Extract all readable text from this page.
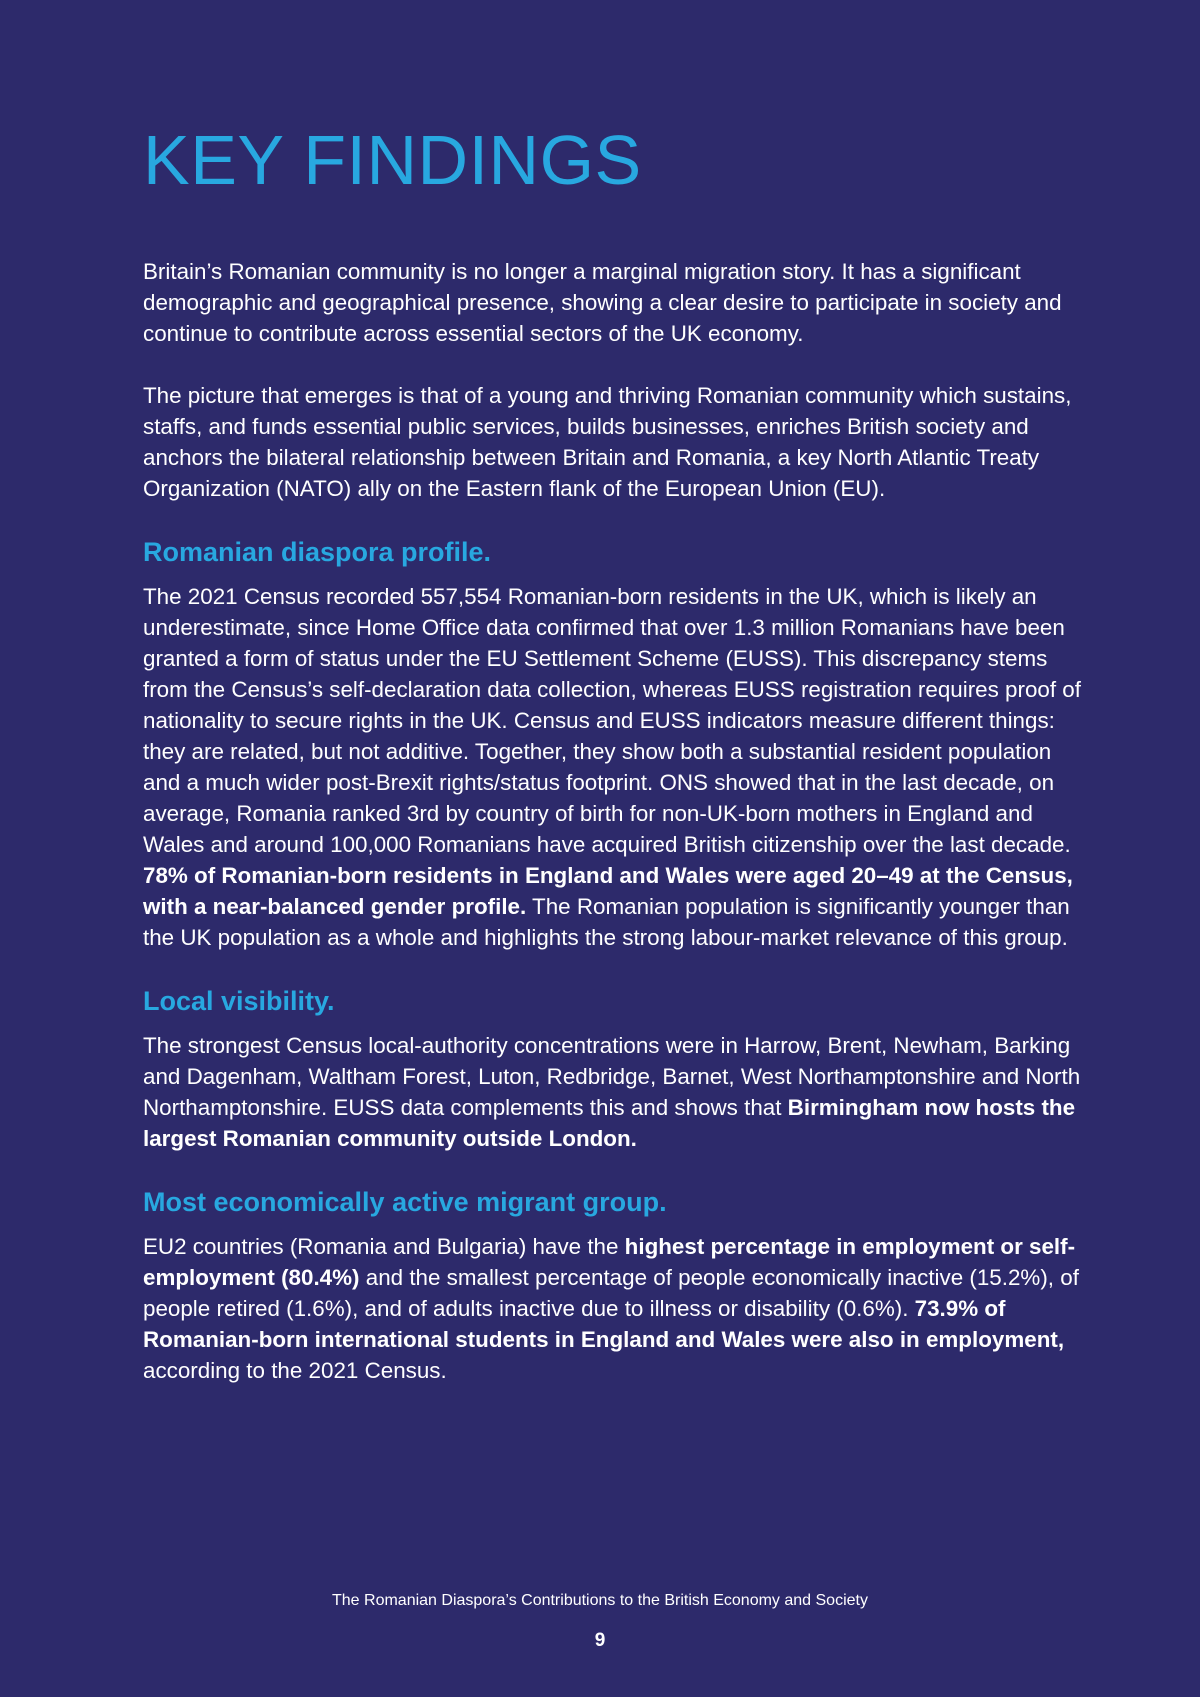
KEY FINDINGS

Britain’s Romanian community is no longer a marginal migration story. It has a significant demographic and geographical presence, showing a clear desire to participate in society and continue to contribute across essential sectors of the UK economy.

The picture that emerges is that of a young and thriving Romanian community which sustains, staffs, and funds essential public services, builds businesses, enriches British society and anchors the bilateral relationship between Britain and Romania, a key North Atlantic Treaty Organization (NATO) ally on the Eastern flank of the European Union (EU).

Romanian diaspora profile.

The 2021 Census recorded 557,554 Romanian-born residents in the UK, which is likely an underestimate, since Home Office data confirmed that over 1.3 million Romanians have been granted a form of status under the EU Settlement Scheme (EUSS). This discrepancy stems from the Census’s self-declaration data collection, whereas EUSS registration requires proof of nationality to secure rights in the UK. Census and EUSS indicators measure different things: they are related, but not additive. Together, they show both a substantial resident population and a much wider post-Brexit rights/status footprint. ONS showed that in the last decade, on average, Romania ranked 3rd by country of birth for non-UK-born mothers in England and Wales and around 100,000 Romanians have acquired British citizenship over the last decade. 78% of Romanian-born residents in England and Wales were aged 20–49 at the Census, with a near-balanced gender profile. The Romanian population is significantly younger than the UK population as a whole and highlights the strong labour-market relevance of this group.

Local visibility.

The strongest Census local-authority concentrations were in Harrow, Brent, Newham, Barking and Dagenham, Waltham Forest, Luton, Redbridge, Barnet, West Northamptonshire and North Northamptonshire. EUSS data complements this and shows that Birmingham now hosts the largest Romanian community outside London.

Most economically active migrant group.

EU2 countries (Romania and Bulgaria) have the highest percentage in employment or self-employment (80.4%) and the smallest percentage of people economically inactive (15.2%), of people retired (1.6%), and of adults inactive due to illness or disability (0.6%). 73.9% of Romanian-born international students in England and Wales were also in employment, according to the 2021 Census.

The Romanian Diaspora’s Contributions to the British Economy and Society
9
